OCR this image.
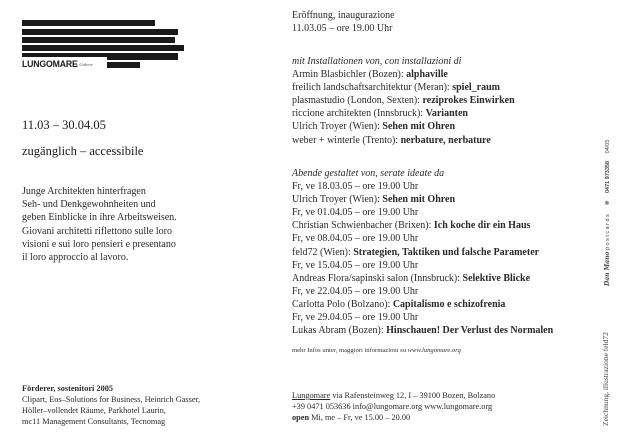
LUNGOMARE
» Galerie
11.03 – 30.04.05
zugänglich – accessibile
Junge Architekten hinterfragen
Seh- und Denkgewohnheiten und
geben Einblicke in ihre Arbeitsweisen.
Giovani architetti riflettono sulle loro
visioni e sui loro pensieri e presentano
il loro approccio al lavoro.
Förderer, sostenitori 2005
Clipart, Eos–Solutions for Business, Heinrich Gasser,
Höller–vollendet Räume, Parkhotel Laurin,
mc11 Management Consultants, Tecnomag
Eröffnung, inaugurazione
11.03.05 – ore 19.00 Uhr
mit Installationen von, con installazioni di
Armin Blasbichler (Bozen): alphaville
freilich landschaftsarchitektur (Meran): spiel_raum
plasmastudio (London, Sexten): reziprokes Einwirken
riccione architekten (Innsbruck): Varianten
Ulrich Troyer (Wien): Sehen mit Ohren
weber + winterle (Trento): nerbature, nerbature
Abende gestaltet von, serate ideate da
Fr, ve 18.03.05 – ore 19.00 Uhr
Ulrich Troyer (Wien): Sehen mit Ohren
Fr, ve 01.04.05 – ore 19.00 Uhr
Christian Schwienbacher (Brixen): Ich koche dir ein Haus
Fr, ve 08.04.05 – ore 19.00 Uhr
feld72 (Wien): Strategien, Taktiken und falsche Parameter
Fr, ve 15.04.05 – ore 19.00 Uhr
Andreas Flora/sapinski salon (Innsbruck): Selektive Blicke
Fr, ve 22.04.05 – ore 19.00 Uhr
Carlotta Polo (Bolzano): Capitalismo e schizofrenia
Fr, ve 29.04.05 – ore 19.00 Uhr
Lukas Abram (Bozen): Hinschauen! Der Verlust des Normalen
mehr Infos unter, maggiori informazioni su www.lungomare.org
Lungomare via Rafensteinweg 12, I – 39100 Bozen, Bolzano
+39 0471 053636 info@lungomare.org www.lungomare.org
open Mi, me – Fr, ve 15.00 – 20.00
Dan Mano postcards ❁ 0471 973358 04/05
Zeichnung, illustrazione feld72
